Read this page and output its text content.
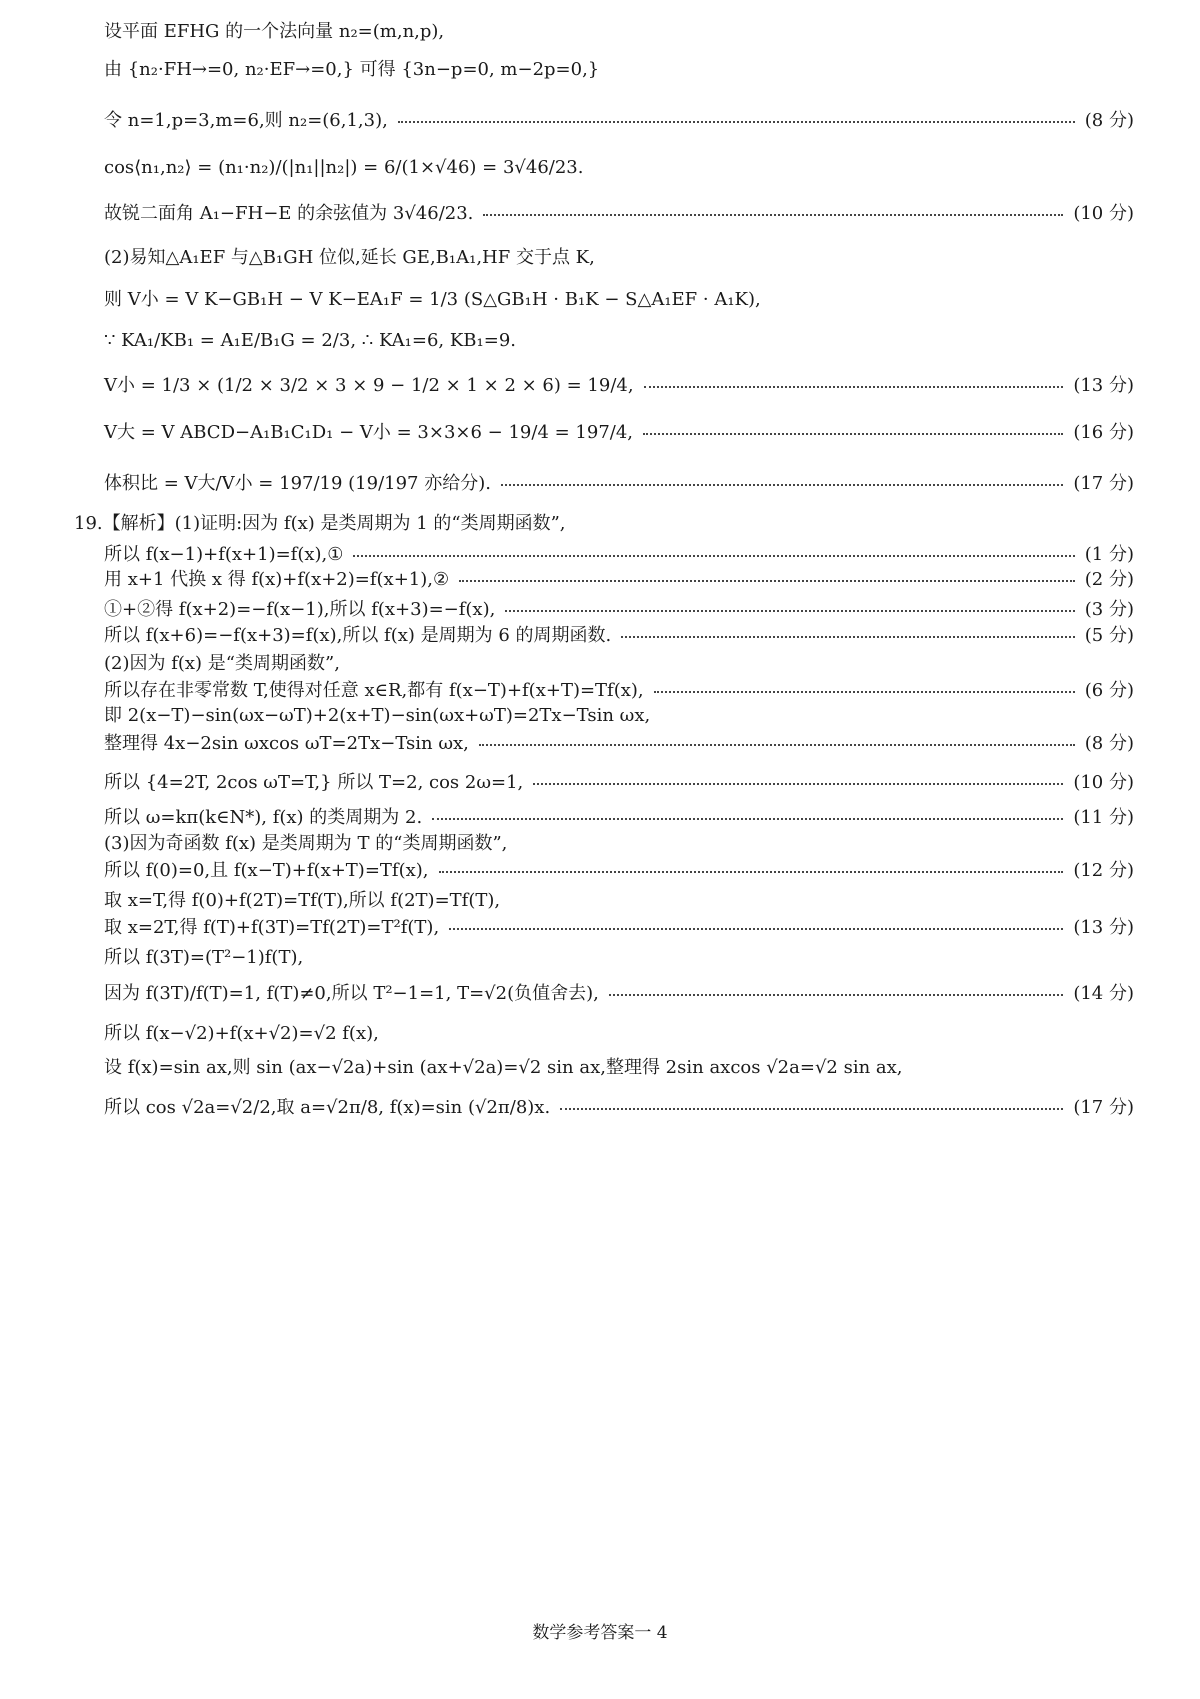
设平面 EFHG 的一个法向量 n₂=(m,n,p),
由 {n₂·FH→=0, n₂·EF→=0,} 可得 {3n−p=0, m−2p=0,}
令 n=1,p=3,m=6,则 n₂=(6,1,3),	(8 分)
cos⟨n₁,n₂⟩ = (n₁·n₂)/(|n₁||n₂|) = 6/(1×√46) = 3√46/23.
故锐二面角 A₁−FH−E 的余弦值为 3√46/23.	(10 分)
(2)易知△A₁EF 与△B₁GH 位似,延长 GE,B₁A₁,HF 交于点 K,
则 V小 = V K−GB₁H − V K−EA₁F = 1/3 (S△GB₁H · B₁K − S△A₁EF · A₁K),
∵ KA₁/KB₁ = A₁E/B₁G = 2/3, ∴ KA₁=6, KB₁=9.
V小 = 1/3 × (1/2 × 3/2 × 3 × 9 − 1/2 × 1 × 2 × 6) = 19/4,	(13 分)
V大 = V ABCD−A₁B₁C₁D₁ − V小 = 3×3×6 − 19/4 = 197/4,	(16 分)
体积比 = V大/V小 = 197/19 (19/197 亦给分).	(17 分)
19.【解析】(1)证明:因为 f(x) 是类周期为 1 的“类周期函数”,
所以 f(x−1)+f(x+1)=f(x),①	(1 分)
用 x+1 代换 x 得 f(x)+f(x+2)=f(x+1),②	(2 分)
①+②得 f(x+2)=−f(x−1),所以 f(x+3)=−f(x),	(3 分)
所以 f(x+6)=−f(x+3)=f(x),所以 f(x) 是周期为 6 的周期函数.	(5 分)
(2)因为 f(x) 是“类周期函数”,
所以存在非零常数 T,使得对任意 x∈R,都有 f(x−T)+f(x+T)=Tf(x),	(6 分)
即 2(x−T)−sin(ωx−ωT)+2(x+T)−sin(ωx+ωT)=2Tx−Tsin ωx,
整理得 4x−2sin ωxcos ωT=2Tx−Tsin ωx,	(8 分)
所以 {4=2T, 2cos ωT=T,} 所以 T=2, cos 2ω=1,	(10 分)
所以 ω=kπ(k∈N*), f(x) 的类周期为 2.	(11 分)
(3)因为奇函数 f(x) 是类周期为 T 的“类周期函数”,
所以 f(0)=0,且 f(x−T)+f(x+T)=Tf(x),	(12 分)
取 x=T,得 f(0)+f(2T)=Tf(T),所以 f(2T)=Tf(T),
取 x=2T,得 f(T)+f(3T)=Tf(2T)=T²f(T),	(13 分)
所以 f(3T)=(T²−1)f(T),
因为 f(3T)/f(T)=1, f(T)≠0,所以 T²−1=1, T=√2(负值舍去),	(14 分)
所以 f(x−√2)+f(x+√2)=√2 f(x),
设 f(x)=sin ax,则 sin (ax−√2a)+sin (ax+√2a)=√2 sin ax,整理得 2sin axcos √2a=√2 sin ax,
所以 cos √2a=√2/2,取 a=√2π/8, f(x)=sin (√2π/8)x.	(17 分)
数学参考答案一 4
